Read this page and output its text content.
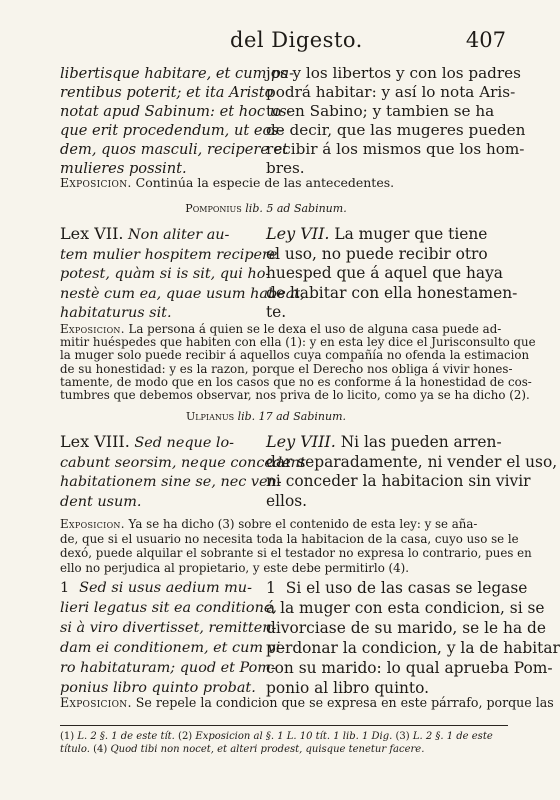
del Digesto.	407
libertisque habitare, et cum pa-
rentibus poterit; et ita Aristo
notat apud Sabinum: et hoc us-
que erit procedendum, ut eos-
dem, quos masculi, recipere et
mulieres possint.
jos y los libertos y con los padres
podrá habitar: y así lo nota Aris-
to en Sabino; y tambien se ha
de decir, que las mugeres pueden
recibir á los mismos que los hom-
bres.
Exposicion. Continúa la especie de las antecedentes.
Pomponius lib. 5 ad Sabinum.
Lex VII. Non aliter au-
tem mulier hospitem recipere
potest, quàm si is sit, qui ho-
nestè cum ea, quae usum habeat,
habitaturus sit.
Ley VII. La muger que tiene
el uso, no puede recibir otro
huesped que á aquel que haya
de habitar con ella honestamen-
te.
Exposicion. La persona á quien se le dexa el uso de alguna casa puede ad-
mitir huéspedes que habiten con ella (1): y en esta ley dice el Jurisconsulto que
la muger solo puede recibir á aquellos cuya compañía no ofenda la estimacion
de su honestidad: y es la razon, porque el Derecho nos obliga á vivir hones-
tamente, de modo que en los casos que no es conforme á la honestidad de cos-
tumbres que debemos observar, nos priva de lo licito, como ya se ha dicho (2).
Ulpianus lib. 17 ad Sabinum.
Lex VIII. Sed neque lo-
cabunt seorsim, neque concedent
habitationem sine se, nec ven-
dent usum.
Ley VIII. Ni las pueden arren-
dar separadamente, ni vender el uso,
ni conceder la habitacion sin vivir
ellos.
Exposicion. Ya se ha dicho (3) sobre el contenido de esta ley: y se aña-
de, que si el usuario no necesita toda la habitacion de la casa, cuyo uso se le
dexó, puede alquilar el sobrante si el testador no expresa lo contrario, pues en
ello no perjudica al propietario, y este debe permitirlo (4).
1 Sed si usus aedium mu-
lieri legatus sit ea conditione,
si à viro divertisset, remitten-
dam ei conditionem, et cum vi-
ro habitaturam; quod et Pom-
ponius libro quinto probat.
1 Si el uso de las casas se legase
á la muger con esta condicion, si se
divorciase de su marido, se le ha de
perdonar la condicion, y la de habitar
con su marido: lo qual aprueba Pom-
ponio al libro quinto.
Exposicion. Se repele la condicion que se expresa en este párrafo, porque las
(1) L. 2 §. 1 de este tít. (2) Exposicion al §. 1 L. 10 tít. 1 lib. 1 Dig. (3) L. 2 §. 1 de este
título. (4) Quod tibi non nocet, et alteri prodest, quisque tenetur facere.
